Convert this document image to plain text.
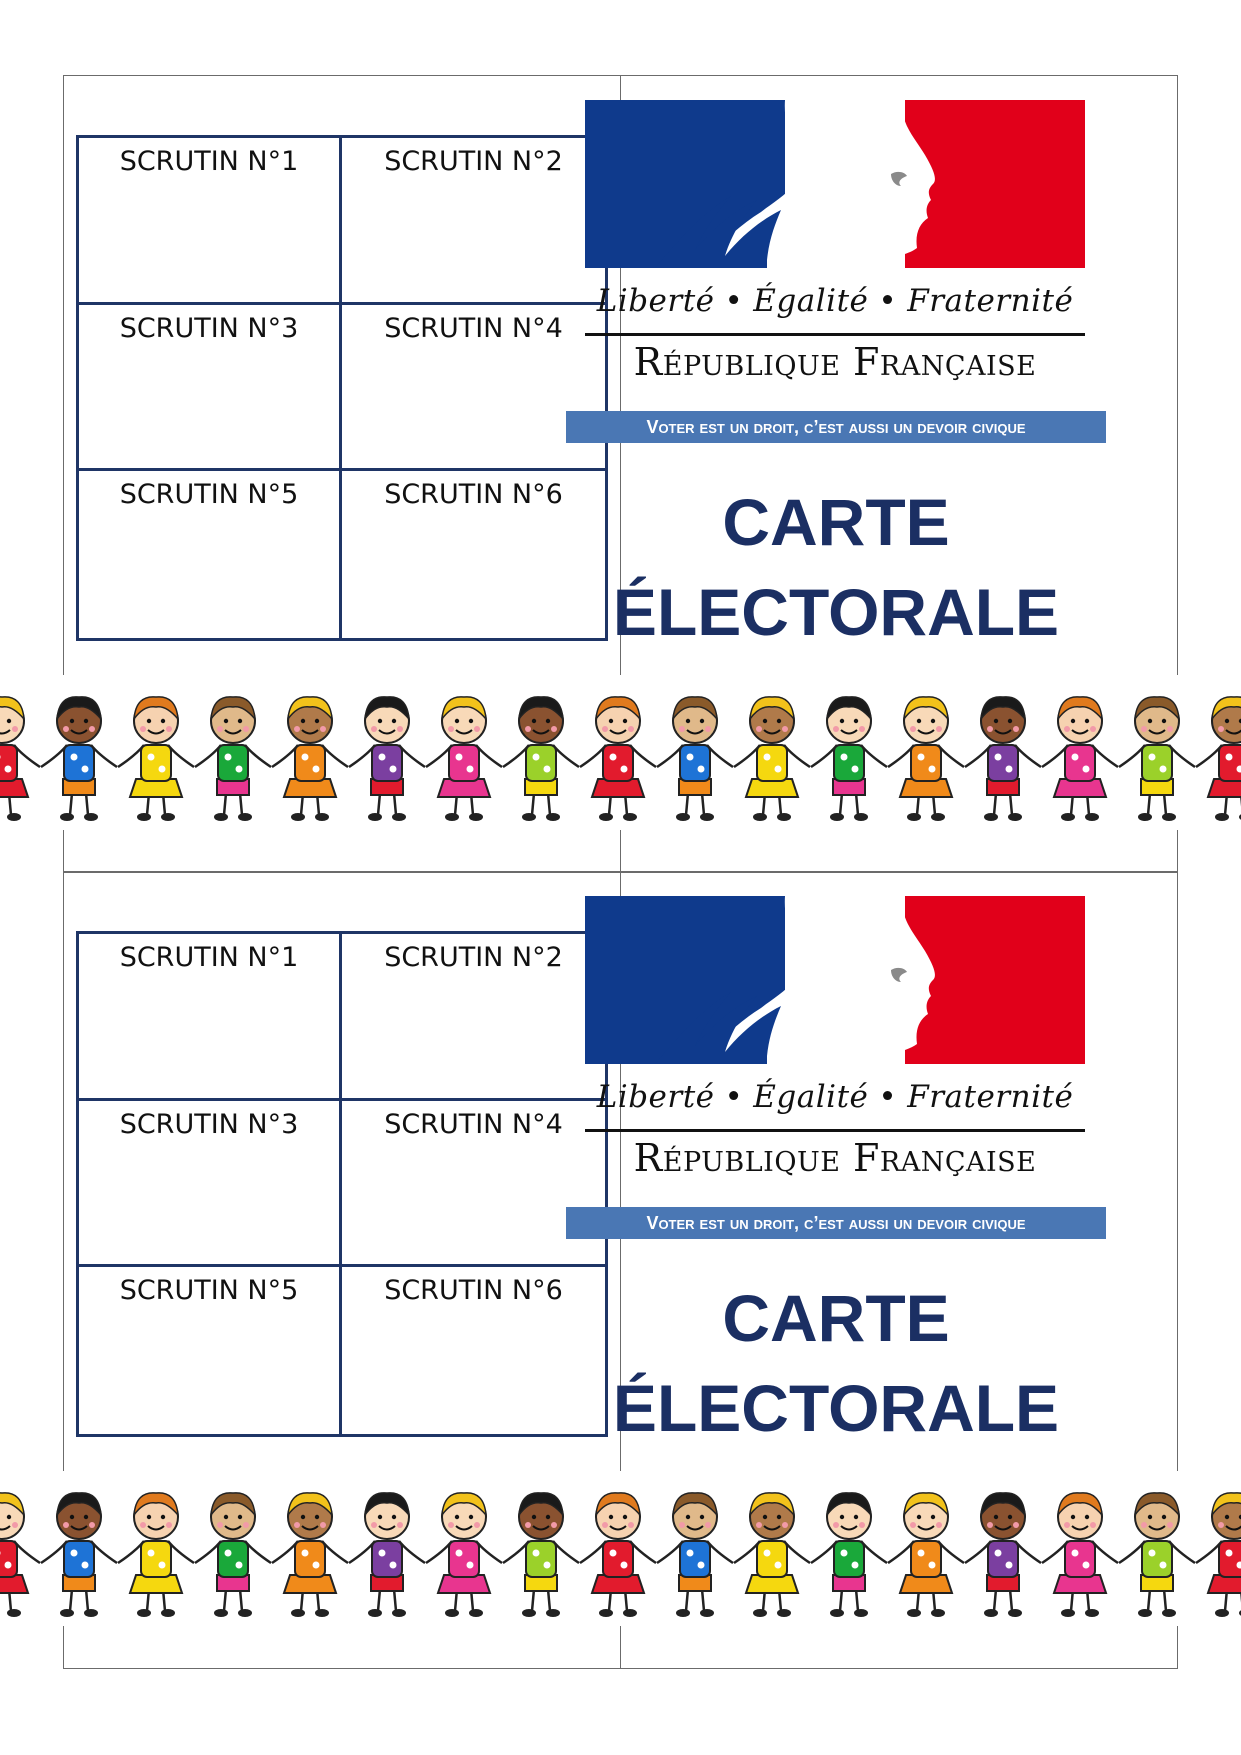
SCRUTIN N°1	SCRUTIN N°2
SCRUTIN N°3	SCRUTIN N°4
SCRUTIN N°5	SCRUTIN N°6
Liberté • Égalité • Fraternité
République Française
Voter est un droit, c’est aussi un devoir civique
CARTE
ÉLECTORALE
SCRUTIN N°1	SCRUTIN N°2
SCRUTIN N°3	SCRUTIN N°4
SCRUTIN N°5	SCRUTIN N°6
Liberté • Égalité • Fraternité
République Française
Voter est un droit, c’est aussi un devoir civique
CARTE
ÉLECTORALE
